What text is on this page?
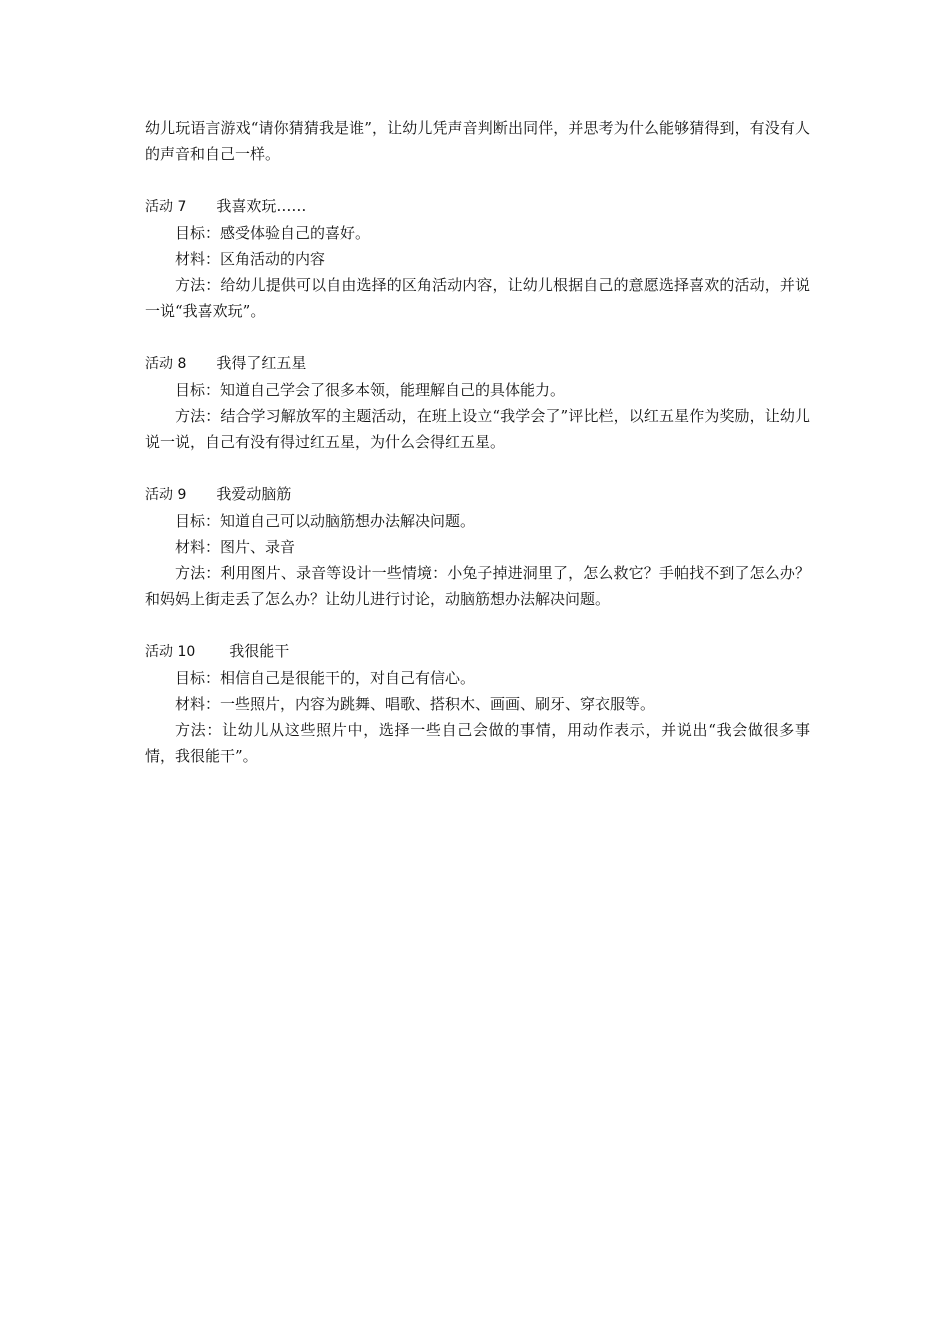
幼儿玩语言游戏“请你猜猜我是谁”，让幼儿凭声音判断出同伴，并思考为什么能够猜得到，有没有人的声音和自己一样。

活动 7 我喜欢玩……

目标：感受体验自己的喜好。

材料：区角活动的内容

方法：给幼儿提供可以自由选择的区角活动内容，让幼儿根据自己的意愿选择喜欢的活动，并说一说“我喜欢玩”。

活动 8 我得了红五星

目标：知道自己学会了很多本领，能理解自己的具体能力。

方法：结合学习解放军的主题活动，在班上设立“我学会了”评比栏，以红五星作为奖励，让幼儿说一说，自己有没有得过红五星，为什么会得红五星。

活动 9 我爱动脑筋

目标：知道自己可以动脑筋想办法解决问题。

材料：图片、录音

方法：利用图片、录音等设计一些情境：小兔子掉进洞里了，怎么救它？手帕找不到了怎么办？和妈妈上街走丢了怎么办？让幼儿进行讨论，动脑筋想办法解决问题。

活动 10 我很能干

目标：相信自己是很能干的，对自己有信心。

材料：一些照片，内容为跳舞、唱歌、搭积木、画画、刷牙、穿衣服等。

方法：让幼儿从这些照片中，选择一些自己会做的事情，用动作表示，并说出“我会做很多事情，我很能干”。
